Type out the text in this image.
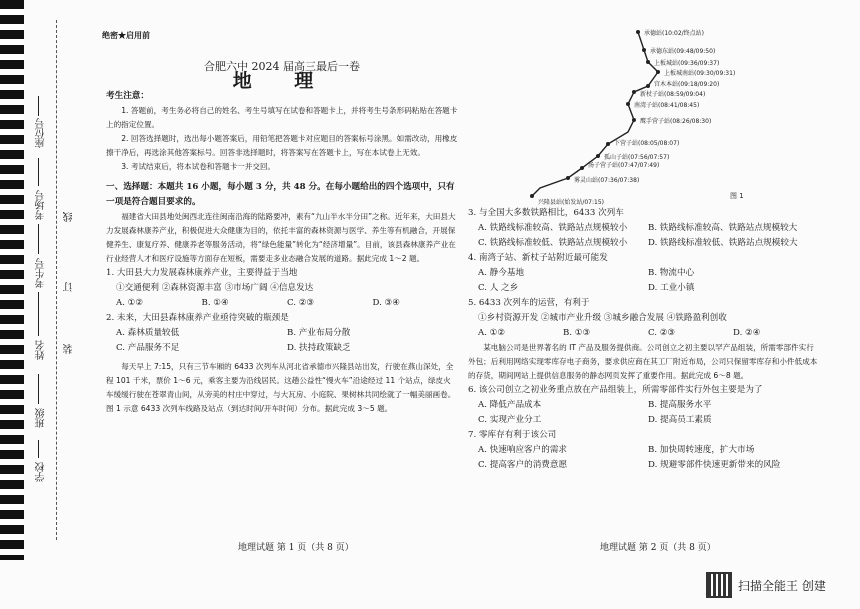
座位号
考场号
考生号
姓名
班级
学校
线
订
装

绝密★启用前

合肥六中 2024 届高三最后一卷

地 理

考生注意：

1. 答题前，考生务必将自己的姓名、考生号填写在试卷和答题卡上，并将考生号条形码粘贴在答题卡上的指定位置。

2. 回答选择题时，选出每小题答案后，用铅笔把答题卡对应题目的答案标号涂黑。如需改动，用橡皮擦干净后，再选涂其他答案标号。回答非选择题时，将答案写在答题卡上，写在本试卷上无效。

3. 考试结束后，将本试卷和答题卡一并交回。

一、选择题：本题共 16 小题，每小题 3 分，共 48 分。在每小题给出的四个选项中，只有一项是符合题目要求的。

福建省大田县地处闽西北连往闽南沿海的陆路要冲，素有“九山半水半分田”之称。近年来，大田县大力发展森林康养产业，积极促进大众健康为目的，依托丰富的森林资源与医学、养生等有机融合，开展保健养生、康复疗养、健康养老等服务活动，将“绿色能量”转化为“经济增量”。目前，该县森林康养产业在行业经营人才和医疗设施等方面存在短板，需要走多业态融合发展的道路。据此完成 1～2 题。

1. 大田县大力发展森林康养产业，主要得益于当地

①交通便利 ②森林资源丰富 ③市场广阔 ④信息发达

A. ①②	B. ①④	C. ②③	D. ③④

2. 未来，大田县森林康养产业亟待突破的瓶颈是

A. 森林质量较低	B. 产业布局分散
C. 产品服务不足	D. 扶持政策缺乏

每天早上 7:15，只有三节车厢的 6433 次列车从河北省承德市兴隆县站出发，行驶在燕山深处，全程 101 千米，票价 1～6 元，乘客主要为沿线居民。这趟公益性“慢火车”沿途经过 11 个站点，绿皮火车缓缓行驶在苍翠青山间，从旁美的村庄中穿过，与大瓦房、小庭院、果树林共同绘就了一幅美丽画卷。图 1 示意 6433 次列车线路及站点（到达时间/开车时间）分布。据此完成 3～5 题。

承德站(10:02/终点站)
承德东站(09:48/09:50)
上板城站(09:36/09:37)
上板城南站(09:30/09:31)
宫木本站(09:18/09:20)
新杖子站(08:59/09:04)
南湾子站(08:41/08:45)
鹰手营子站(08:26/08:30)
下营子站(08:05/08:07)
兴隆县站(始发站/07:15)
汤子营子站(07:47/07:49)
雾灵山站(07:36/07:38)
孤山子站(07:56/07:57)
图 1

3. 与全国大多数铁路相比，6433 次列车

A. 铁路线标准较高、铁路站点规模较小	B. 铁路线标准较高、铁路站点规模较大
C. 铁路线标准较低、铁路站点规模较小	D. 铁路线标准较低、铁路站点规模较大

4. 南湾子站、新杖子站附近最可能发

A. 静今基地	B. 物流中心
C. 人 之乡	D. 工业小镇

5. 6433 次列车的运营，有利于

①乡村资源开发 ②城市产业升级 ③城乡融合发展 ④铁路盈利创收

A. ①②	B. ①③	C. ②③	D. ②④

某电脑公司是世界著名的 IT 产品及服务提供商。公司创立之初主要以罕产品组装，所需零部件实行外包；后利用网络实现零库存电子商务，要求供应商在其工厂附近布局，公司只保留零库存和小件低成本的存货，期间网站上提供信息服务的静态网页发挥了重要作用。据此完成 6～8 题。

6. 该公司创立之初业务重点放在产品组装上，所需零部件实行外包主要是为了

A. 降低产品成本	B. 提高服务水平
C. 实现产业分工	D. 提高员工素质

7. 零库存有利于该公司

A. 快速响应客户的需求	B. 加快周转速度，扩大市场
C. 提高客户的消费意愿	D. 规避零部件快速更新带来的风险
地理试题 第 1 页（共 8 页）	地理试题 第 2 页（共 8 页）
扫描全能王 创建
